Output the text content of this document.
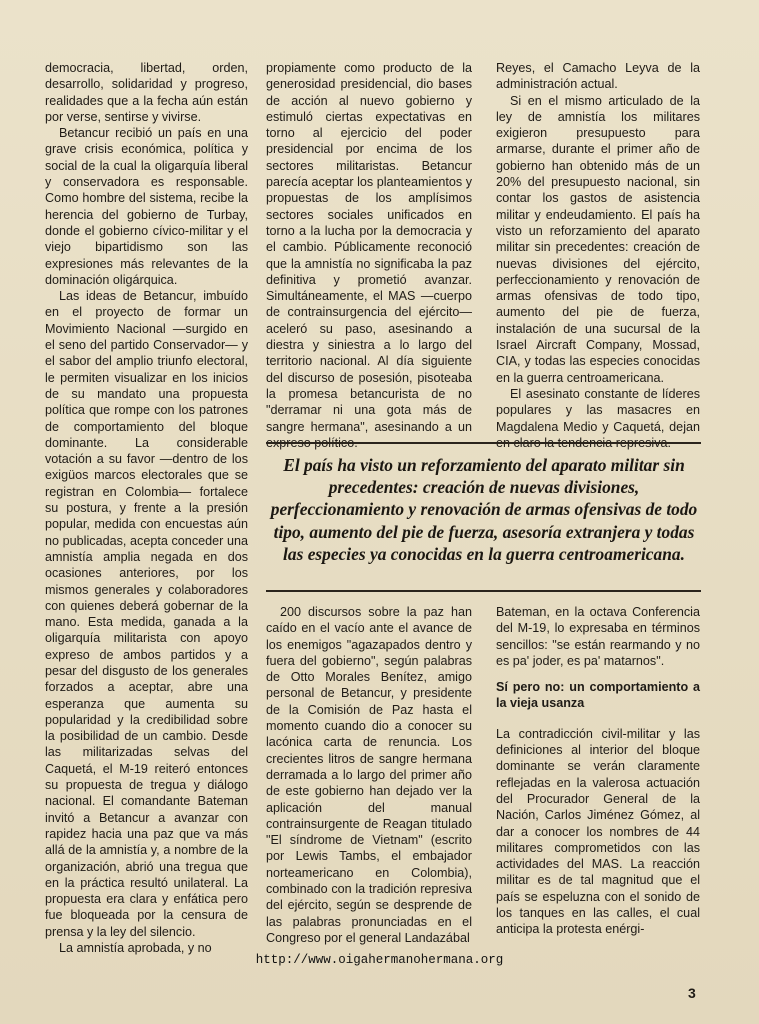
democracia, libertad, orden, desarrollo, solidaridad y progreso, realidades que a la fecha aún están por verse, sentirse y vivirse.

Betancur recibió un país en una grave crisis económica, política y social de la cual la oligarquía liberal y conservadora es responsable. Como hombre del sistema, recibe la herencia del gobierno de Turbay, donde el gobierno cívico-militar y el viejo bipartidismo son las expresiones más relevantes de la dominación oligárquica.

Las ideas de Betancur, imbuído en el proyecto de formar un Movimiento Nacional —surgido en el seno del partido Conservador— y el sabor del amplio triunfo electoral, le permiten visualizar en los inicios de su mandato una propuesta política que rompe con los patrones de comportamiento del bloque dominante. La considerable votación a su favor —dentro de los exigüos marcos electorales que se registran en Colombia— fortalece su postura, y frente a la presión popular, medida con encuestas aún no publicadas, acepta conceder una amnistía amplia negada en dos ocasiones anteriores, por los mismos generales y colaboradores con quienes deberá gobernar de la mano. Esta medida, ganada a la oligarquía militarista con apoyo expreso de ambos partidos y a pesar del disgusto de los generales forzados a aceptar, abre una esperanza que aumenta su popularidad y la credibilidad sobre la posibilidad de un cambio. Desde las militarizadas selvas del Caquetá, el M-19 reiteró entonces su propuesta de tregua y diálogo nacional. El comandante Bateman invitó a Betancur a avanzar con rapidez hacia una paz que va más allá de la amnistía y, a nombre de la organización, abrió una tregua que en la práctica resultó unilateral. La propuesta era clara y enfática pero fue bloqueada por la censura de prensa y la ley del silencio.

La amnistía aprobada, y no

propiamente como producto de la generosidad presidencial, dio bases de acción al nuevo gobierno y estimuló ciertas expectativas en torno al ejercicio del poder presidencial por encima de los sectores militaristas. Betancur parecía aceptar los planteamientos y propuestas de los amplísimos sectores sociales unificados en torno a la lucha por la democracia y el cambio. Públicamente reconoció que la amnistía no significaba la paz definitiva y prometió avanzar. Simultáneamente, el MAS —cuerpo de contrainsurgencia del ejército— aceleró su paso, asesinando a diestra y siniestra a lo largo del territorio nacional. Al día siguiente del discurso de posesión, pisoteaba la promesa betancurista de no "derramar ni una gota más de sangre hermana", asesinando a un

Reyes, el Camacho Leyva de la administración actual.

Si en el mismo articulado de la ley de amnistía los militares exigieron presupuesto para armarse, durante el primer año de gobierno han obtenido más de un 20% del presupuesto nacional, sin contar los gastos de asistencia militar y endeudamiento. El país ha visto un reforzamiento del aparato militar sin precedentes: creación de nuevas divisiones del ejército, perfeccionamiento y renovación de armas ofensivas de todo tipo, aumento del pie de fuerza, instalación de una sucursal de la Israel Aircraft Company, Mossad, CIA, y todas las especies conocidas en la guerra centroamericana.

El asesinato constante de líderes populares y las masacres en Magdalena Medio y Caquetá, dejan

El país ha visto un reforzamiento del aparato militar sin precedentes: creación de nuevas divisiones, perfeccionamiento y renovación de armas ofensivas de todo tipo, aumento del pie de fuerza, asesoría extranjera y todas las especies ya conocidas en la guerra centroamericana.

200 discursos sobre la paz han caído en el vacío ante el avance de los enemigos "agazapados dentro y fuera del gobierno", según palabras de Otto Morales Benítez, amigo personal de Betancur, y presidente de la Comisión de Paz hasta el momento cuando dio a conocer su lacónica carta de renuncia. Los crecientes litros de sangre hermana derramada a lo largo del primer año de este gobierno han dejado ver la aplicación del manual contrainsurgente de Reagan titulado "El síndrome de Vietnam" (escrito por Lewis Tambs, el embajador norteamericano en Colombia), combinado con la tradición represiva del ejército, según se desprende de las palabras pronunciadas en el Congreso por el general Landazábal

Bateman, en la octava Conferencia del M-19, lo expresaba en términos sencillos: "se están rearmando y no es pa' joder, es pa' matarnos".

Sí pero no: un comportamiento a la vieja usanza

La contradicción civil-militar y las definiciones al interior del bloque dominante se verán claramente reflejadas en la valerosa actuación del Procurador General de la Nación, Carlos Jiménez Gómez, al dar a conocer los nombres de 44 militares comprometidos con las actividades del MAS. La reacción militar es de tal magnitud que el país se espeluzna con el sonido de los tanques en las calles, el cual anticipa la protesta enérgi-

http://www.oigahermanohermana.org
3
